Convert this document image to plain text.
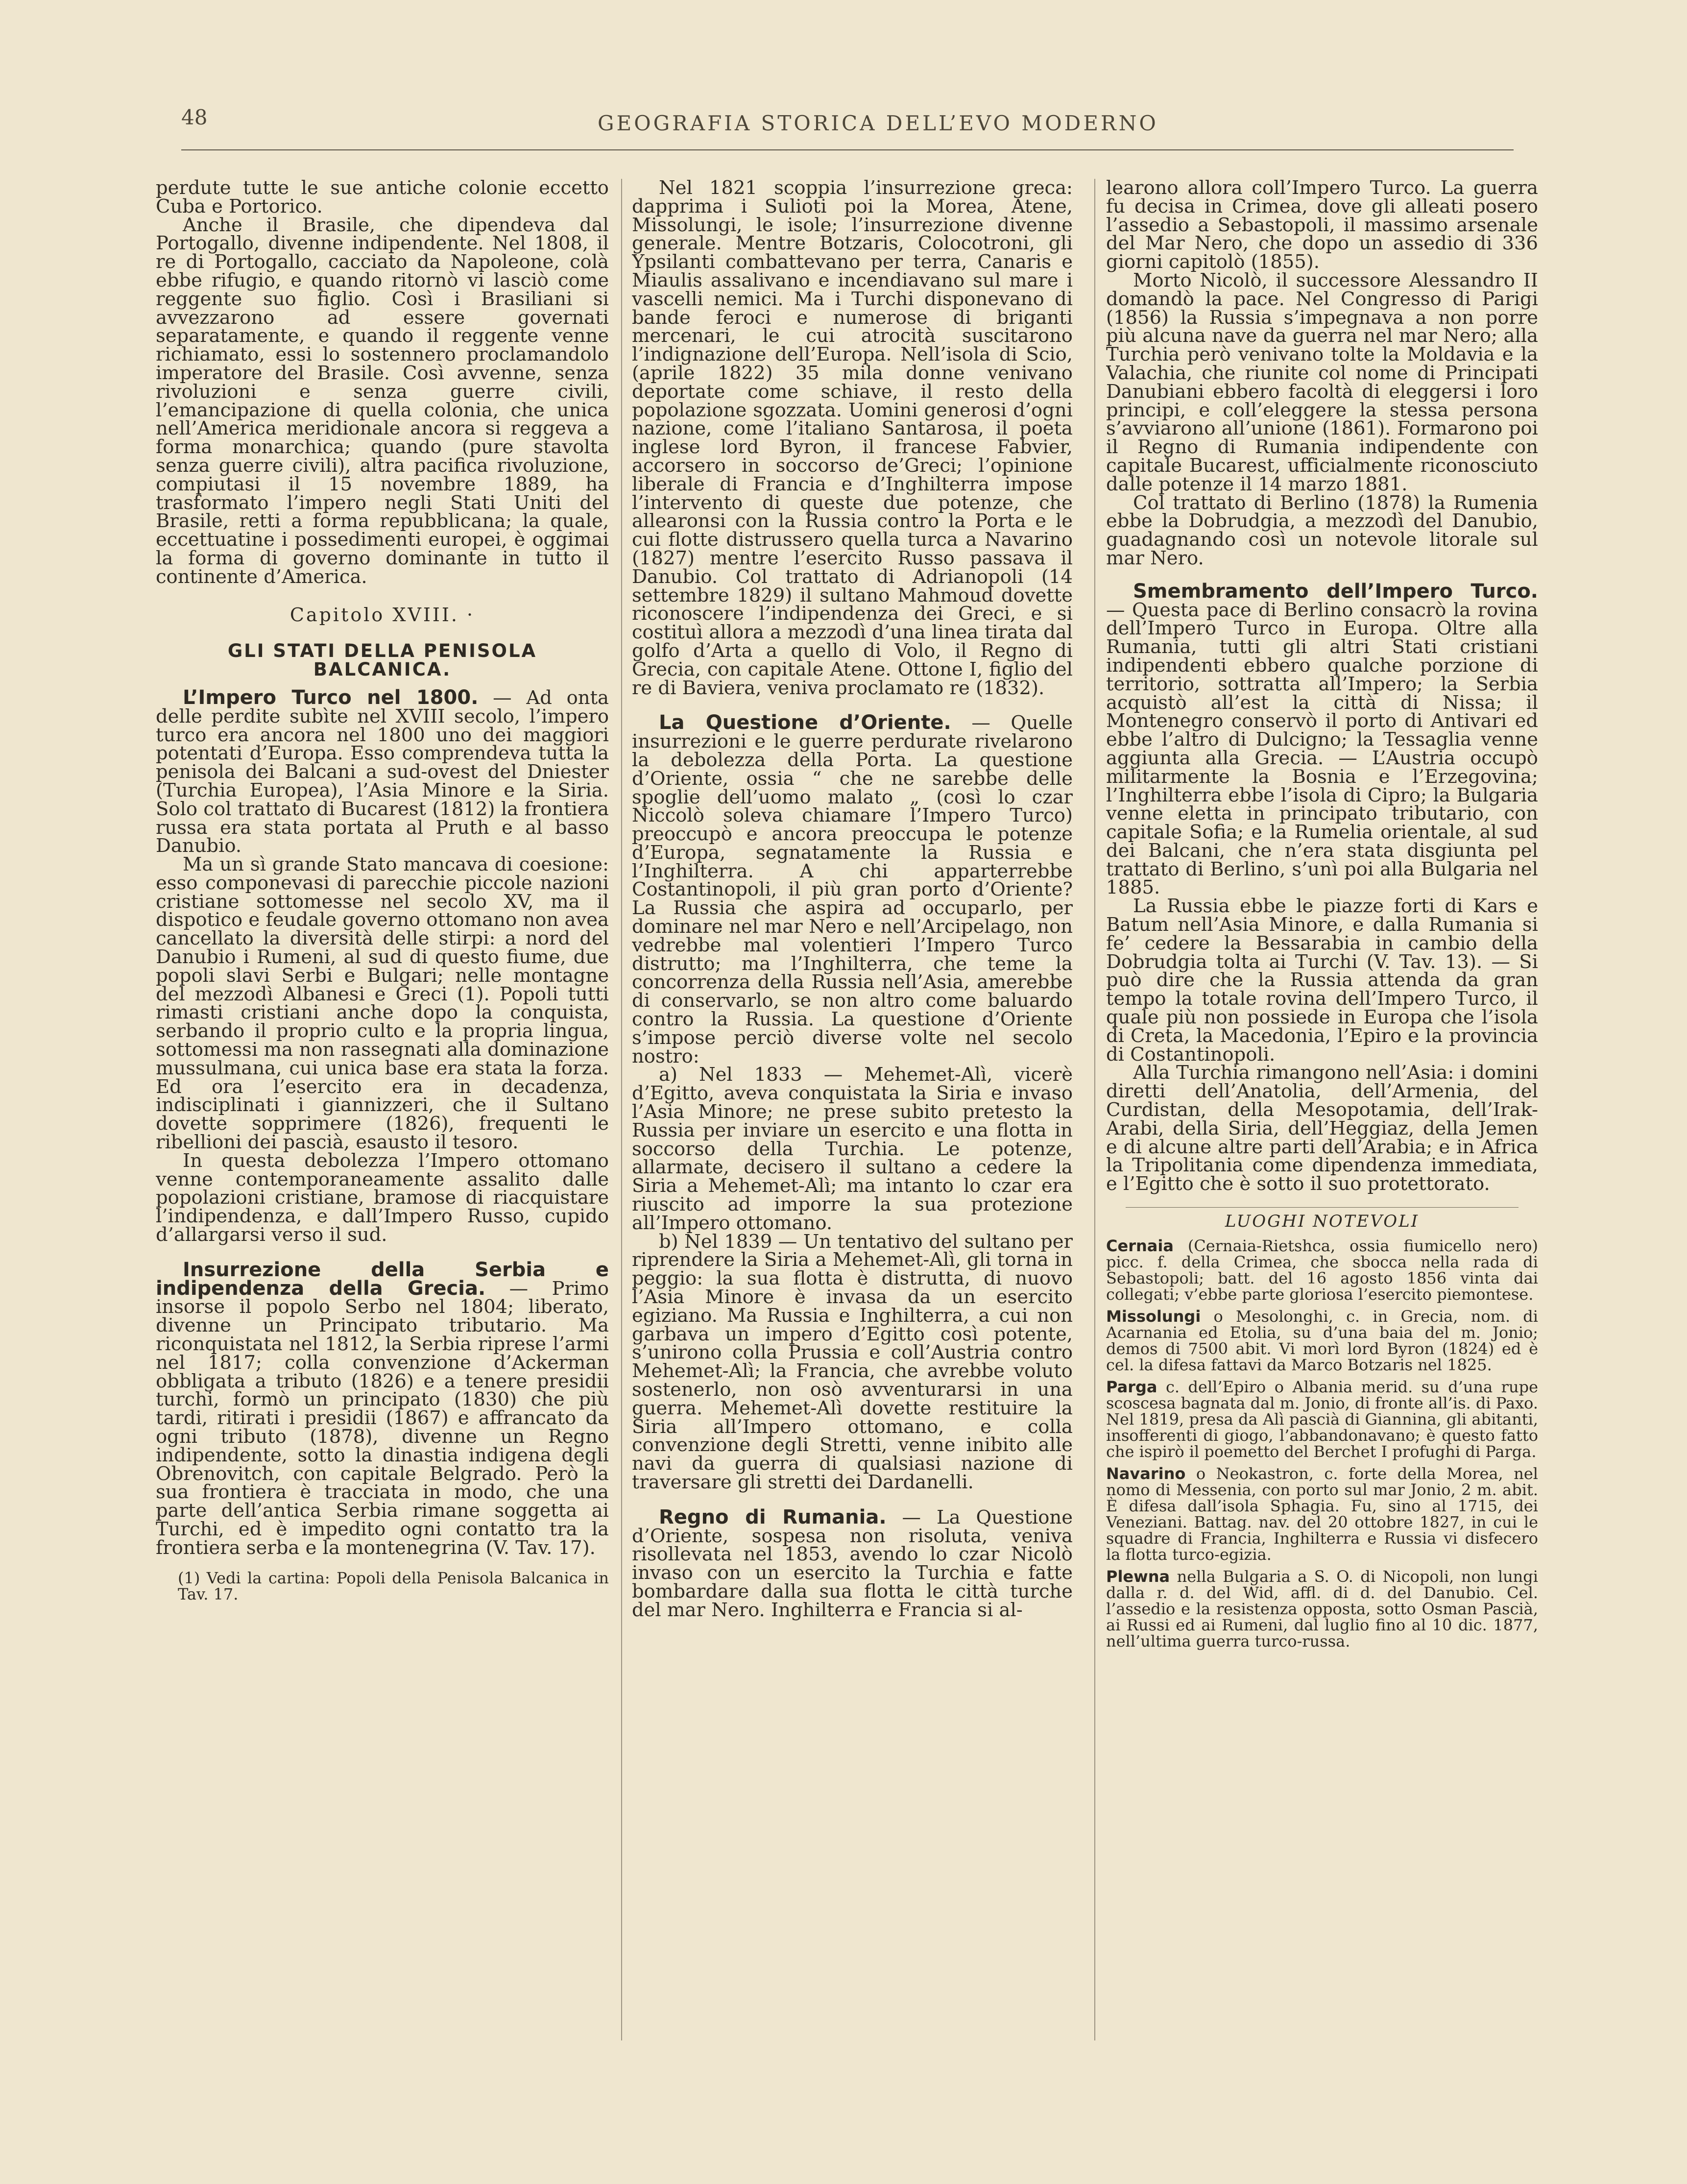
48	GEOGRAFIA STORICA DELL’EVO MODERNO

perdute tutte le sue antiche colonie eccetto Cuba e Portorico.

Anche il Brasile, che dipendeva dal Portogallo, divenne indipendente. Nel 1808, il re di Portogallo, cacciato da Napoleone, colà ebbe rifugio, e quando ritornò vi lasciò come reggente suo figlio. Così i Brasiliani si avvezzarono ad essere governati separatamente, e quando il reggente venne richiamato, essi lo sostennero proclamandolo imperatore del Brasile. Così avvenne, senza rivoluzioni e senza guerre civili, l’emancipazione di quella colonia, che unica nell’America meridionale ancora si reggeva a forma monarchica; quando (pure stavolta senza guerre civili), altra pacifica rivoluzione, compiutasi il 15 novembre 1889, ha trasformato l’impero negli Stati Uniti del Brasile, retti a forma repubblicana; la quale, eccettuatine i possedimenti europei, è oggimai la forma di governo dominante in tutto il continente d’America.

Capitolo XVIII. ·
GLI STATI DELLA PENISOLA BALCANICA.

L’Impero Turco nel 1800. — Ad onta delle perdite subìte nel XVIII secolo, l’impero turco era ancora nel 1800 uno dei maggiori potentati d’Europa. Esso comprendeva tutta la penisola dei Balcani a sud-ovest del Dniester (Turchia Europea), l’Asia Minore e la Siria. Solo col trattato di Bucarest (1812) la frontiera russa era stata portata al Pruth e al basso Danubio.

Ma un sì grande Stato mancava di coesione: esso componevasi di parecchie piccole nazioni cristiane sottomesse nel secolo XV, ma il dispotico e feudale governo ottomano non avea cancellato la diversità delle stirpi: a nord del Danubio i Rumeni, al sud di questo fiume, due popoli slavi Serbi e Bulgari; nelle montagne del mezzodì Albanesi e Greci (1). Popoli tutti rimasti cristiani anche dopo la conquista, serbando il proprio culto e la propria lingua, sottomessi ma non rassegnati alla dominazione mussulmana, cui unica base era stata la forza. Ed ora l’esercito era in decadenza, indisciplinati i giannizzeri, che il Sultano dovette sopprimere (1826), frequenti le ribellioni dei pascià, esausto il tesoro.

In questa debolezza l’Impero ottomano venne contemporaneamente assalito dalle popolazioni cristiane, bramose di riacquistare l’indipendenza, e dall’Impero Russo, cupido d’allargarsi verso il sud.

Insurrezione della Serbia e indipendenza della Grecia. — Primo insorse il popolo Serbo nel 1804; liberato, divenne un Principato tributario. Ma riconquistata nel 1812, la Serbia riprese l’armi nel 1817; colla convenzione d’Ackerman obbligata a tributo (1826) e a tenere presidii turchi, formò un principato (1830) che più tardi, ritirati i presidii (1867) e affrancato da ogni tributo (1878), divenne un Regno indipendente, sotto la dinastia indigena degli Obrenovitch, con capitale Belgrado. Però la sua frontiera è tracciata in modo, che una parte dell’antica Serbia rimane soggetta ai Turchi, ed è impedito ogni contatto tra la frontiera serba e la montenegrina (V. Tav. 17).

(1) Vedi la cartina: Popoli della Penisola Balcanica in Tav. 17.

Nel 1821 scoppia l’insurrezione greca: dapprima i Sulioti poi la Morea, Atene, Missolungi, le isole; l’insurrezione divenne generale. Mentre Botzaris, Colocotroni, gli Ypsilanti combattevano per terra, Canaris e Miaulis assalivano e incendiavano sul mare i vascelli nemici. Ma i Turchi disponevano di bande feroci e numerose di briganti mercenari, le cui atrocità suscitarono l’indignazione dell’Europa. Nell’isola di Scio, (aprile 1822) 35 mila donne venivano deportate come schiave, il resto della popolazione sgozzata. Uomini generosi d’ogni nazione, come l’italiano Santarosa, il poeta inglese lord Byron, il francese Fabvier, accorsero in soccorso de’Greci; l’opinione liberale di Francia e d’Inghilterra impose l’intervento di queste due potenze, che allearonsi con la Russia contro la Porta e le cui flotte distrussero quella turca a Navarino (1827) mentre l’esercito Russo passava il Danubio. Col trattato di Adrianopoli (14 settembre 1829) il sultano Mahmoud dovette riconoscere l’indipendenza dei Greci, e si costituì allora a mezzodì d’una linea tirata dal golfo d’Arta a quello di Volo, il Regno di Grecia, con capitale Atene. Ottone I, figlio del re di Baviera, veniva proclamato re (1832).

La Questione d’Oriente. — Quelle insurrezioni e le guerre perdurate rivelarono la debolezza della Porta. La questione d’Oriente, ossia “ che ne sarebbe delle spoglie dell’uomo malato „ (così lo czar Niccolò soleva chiamare l’Impero Turco) preoccupò e ancora preoccupa le potenze d’Europa, segnatamente la Russia e l’Inghilterra. A chi apparterrebbe Costantinopoli, il più gran porto d’Oriente? La Russia che aspira ad occuparlo, per dominare nel mar Nero e nell’Arcipelago, non vedrebbe mal volentieri l’Impero Turco distrutto; ma l’Inghilterra, che teme la concorrenza della Russia nell’Asia, amerebbe di conservarlo, se non altro come baluardo contro la Russia. La questione d’Oriente s’impose perciò diverse volte nel secolo nostro:

a) Nel 1833 — Mehemet-Alì, vicerè d’Egitto, aveva conquistata la Siria e invaso l’Asia Minore; ne prese subito pretesto la Russia per inviare un esercito e una flotta in soccorso della Turchia. Le potenze, allarmate, decisero il sultano a cedere la Siria a Mehemet-Alì; ma intanto lo czar era riuscito ad imporre la sua protezione all’Impero ottomano.

b) Nel 1839 — Un tentativo del sultano per riprendere la Siria a Mehemet-Alì, gli torna in peggio: la sua flotta è distrutta, di nuovo l’Asia Minore è invasa da un esercito egiziano. Ma Russia e Inghilterra, a cui non garbava un impero d’Egitto così potente, s’unirono colla Prussia e coll’Austria contro Mehemet-Alì; la Francia, che avrebbe voluto sostenerlo, non osò avventurarsi in una guerra. Mehemet-Alì dovette restituire la Siria all’Impero ottomano, e colla convenzione degli Stretti, venne inibito alle navi da guerra di qualsiasi nazione di traversare gli stretti dei Dardanelli.

Regno di Rumania. — La Questione d’Oriente, sospesa non risoluta, veniva risollevata nel 1853, avendo lo czar Nicolò invaso con un esercito la Turchia e fatte bombardare dalla sua flotta le città turche del mar Nero. Inghilterra e Francia si al-

learono allora coll’Impero Turco. La guerra fu decisa in Crimea, dove gli alleati posero l’assedio a Sebastopoli, il massimo arsenale del Mar Nero, che dopo un assedio di 336 giorni capitolò (1855).

Morto Nicolò, il successore Alessandro II domandò la pace. Nel Congresso di Parigi (1856) la Russia s’impegnava a non porre più alcuna nave da guerra nel mar Nero; alla Turchia però venivano tolte la Moldavia e la Valachia, che riunite col nome di Principati Danubiani ebbero facoltà di eleggersi i loro principi, e coll’eleggere la stessa persona s’avviarono all’unione (1861). Formarono poi il Regno di Rumania indipendente con capitale Bucarest, ufficialmente riconosciuto dalle potenze il 14 marzo 1881.

Col trattato di Berlino (1878) la Rumenia ebbe la Dobrudgia, a mezzodì del Danubio, guadagnando così un notevole litorale sul mar Nero.

Smembramento dell’Impero Turco. — Questa pace di Berlino consacrò la rovina dell’Impero Turco in Europa. Oltre alla Rumania, tutti gli altri Stati cristiani indipendenti ebbero qualche porzione di territorio, sottratta all’Impero; la Serbia acquistò all’est la città di Nissa; il Montenegro conservò il porto di Antivari ed ebbe l’altro di Dulcigno; la Tessaglia venne aggiunta alla Grecia. — L’Austria occupò militarmente la Bosnia e l’Erzegovina; l’Inghilterra ebbe l’isola di Cipro; la Bulgaria venne eletta in principato tributario, con capitale Sofia; e la Rumelia orientale, al sud dei Balcani, che n’era stata disgiunta pel trattato di Berlino, s’unì poi alla Bulgaria nel 1885.

La Russia ebbe le piazze forti di Kars e Batum nell’Asia Minore, e dalla Rumania si fe’ cedere la Bessarabia in cambio della Dobrudgia tolta ai Turchi (V. Tav. 13). — Si può dire che la Russia attenda da gran tempo la totale rovina dell’Impero Turco, il quale più non possiede in Europa che l’isola di Creta, la Macedonia, l’Epiro e la provincia di Costantinopoli.

Alla Turchia rimangono nell’Asia: i domini diretti dell’Anatolia, dell’Armenia, del Curdistan, della Mesopotamia, dell’Irak-Arabi, della Siria, dell’Heggiaz, della Jemen e di alcune altre parti dell’Arabia; e in Africa la Tripolitania come dipendenza immediata, e l’Egitto che è sotto il suo protettorato.

LUOGHI NOTEVOLI

Cernaia (Cernaia-Rietshca, ossia fiumicello nero) picc. f. della Crimea, che sbocca nella rada di Sebastopoli; batt. del 16 agosto 1856 vinta dai collegati; v’ebbe parte gloriosa l’esercito piemontese.

Missolungi o Mesolonghi, c. in Grecia, nom. di Acarnania ed Etolia, su d’una baia del m. Jonio; demos di 7500 abit. Vi morì lord Byron (1824) ed è cel. la difesa fattavi da Marco Botzaris nel 1825.

Parga c. dell’Epiro o Albania merid. su d’una rupe scoscesa bagnata dal m. Jonio, di fronte all’is. di Paxo. Nel 1819, presa da Alì pascià di Giannina, gli abitanti, insofferenti di giogo, l’abbandonavano; è questo fatto che ispirò il poemetto del Berchet I profughi di Parga.

Navarino o Neokastron, c. forte della Morea, nel nomo di Messenia, con porto sul mar Jonio, 2 m. abit. È difesa dall’isola Sphagia. Fu, sino al 1715, dei Veneziani. Battag. nav. del 20 ottobre 1827, in cui le squadre di Francia, Inghilterra e Russia vi disfecero la flotta turco-egizia.

Plewna nella Bulgaria a S. O. di Nicopoli, non lungi dalla r. d. del Wid, affl. di d. del Danubio. Cel. l’assedio e la resistenza opposta, sotto Osman Pascià, ai Russi ed ai Rumeni, dal luglio fino al 10 dic. 1877, nell’ultima guerra turco-russa.
